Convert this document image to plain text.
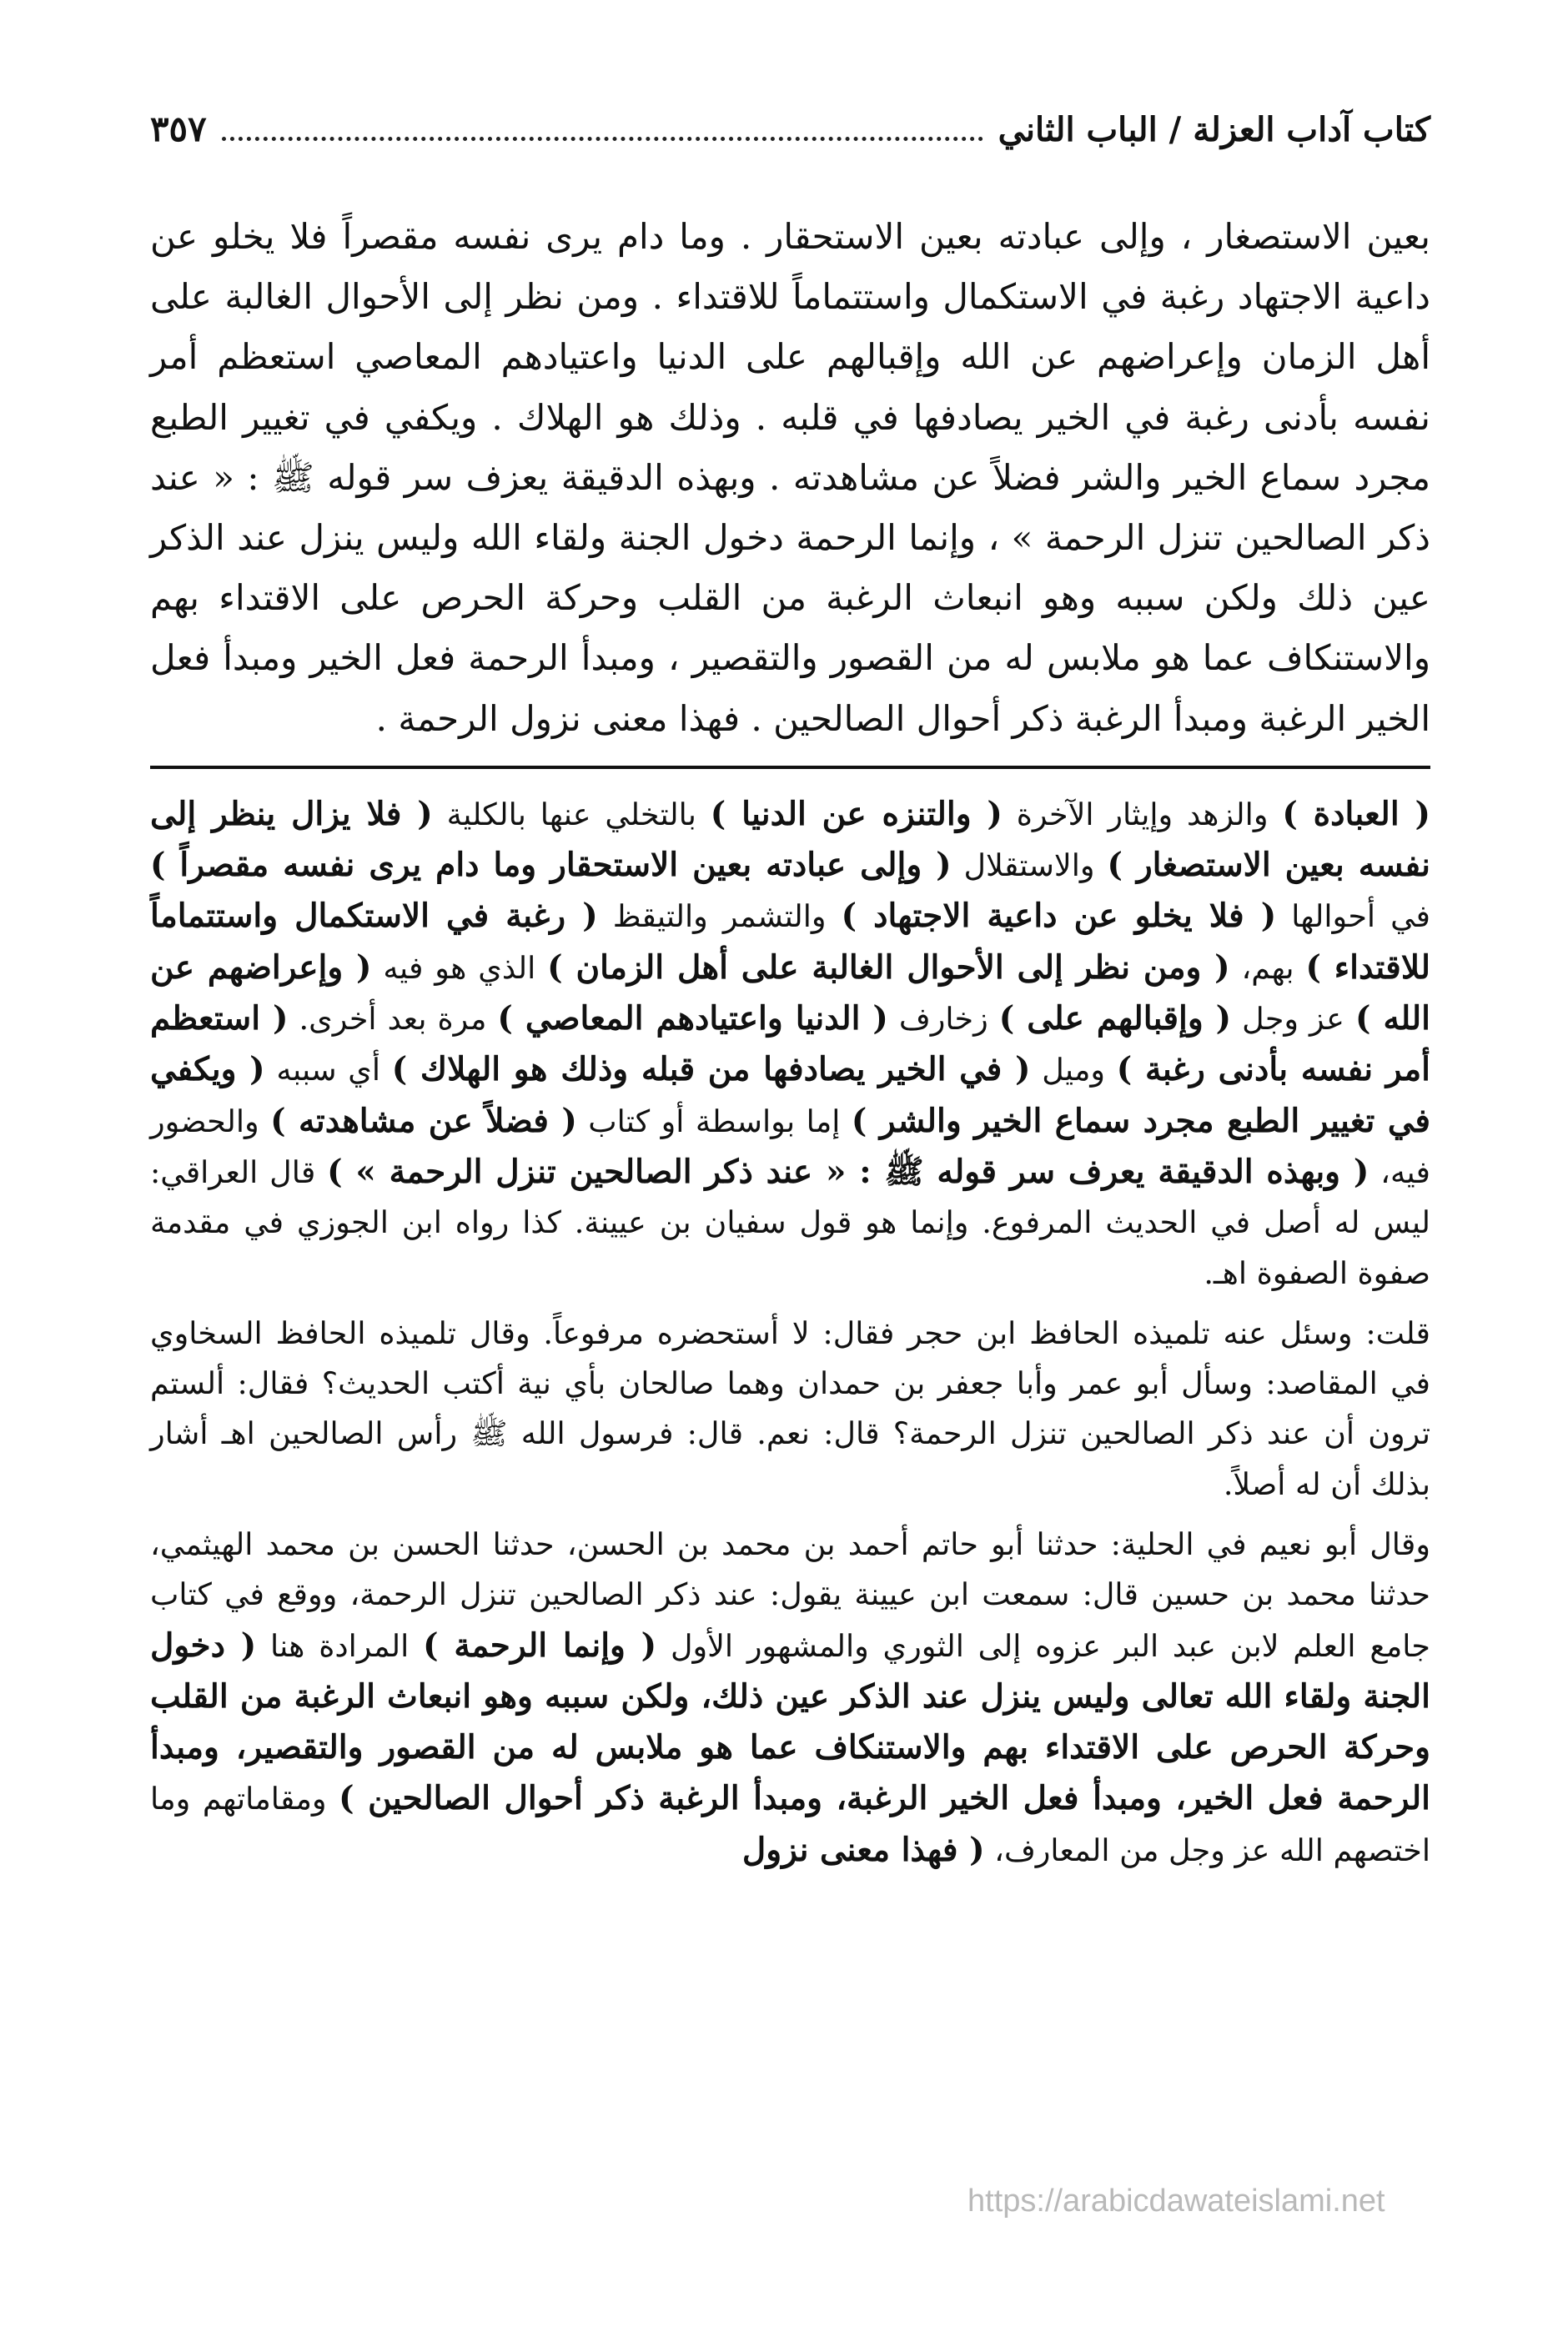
كتاب آداب العزلة / الباب الثاني
٣٥٧
بعين الاستصغار ، وإلى عبادته بعين الاستحقار . وما دام يرى نفسه مقصراً فلا يخلو عن داعية الاجتهاد رغبة في الاستكمال واستتماماً للاقتداء . ومن نظر إلى الأحوال الغالبة على أهل الزمان وإعراضهم عن الله وإقبالهم على الدنيا واعتيادهم المعاصي استعظم أمر نفسه بأدنى رغبة في الخير يصادفها في قلبه . وذلك هو الهلاك . ويكفي في تغيير الطبع مجرد سماع الخير والشر فضلاً عن مشاهدته . وبهذه الدقيقة يعزف سر قوله ﷺ : « عند ذكر الصالحين تنزل الرحمة » ، وإنما الرحمة دخول الجنة ولقاء الله وليس ينزل عند الذكر عين ذلك ولكن سببه وهو انبعاث الرغبة من القلب وحركة الحرص على الاقتداء بهم والاستنكاف عما هو ملابس له من القصور والتقصير ، ومبدأ الرحمة فعل الخير ومبدأ فعل الخير الرغبة ومبدأ الرغبة ذكر أحوال الصالحين . فهذا معنى نزول الرحمة .

( العبادة ) والزهد وإيثار الآخرة ( والتنزه عن الدنيا ) بالتخلي عنها بالكلية ( فلا يزال ينظر إلى نفسه بعين الاستصغار ) والاستقلال ( وإلى عبادته بعين الاستحقار وما دام يرى نفسه مقصراً ) في أحوالها ( فلا يخلو عن داعية الاجتهاد ) والتشمر والتيقظ ( رغبة في الاستكمال واستتماماً للاقتداء ) بهم، ( ومن نظر إلى الأحوال الغالبة على أهل الزمان ) الذي هو فيه ( وإعراضهم عن الله ) عز وجل ( وإقبالهم على ) زخارف ( الدنيا واعتيادهم المعاصي ) مرة بعد أخرى. ( استعظم أمر نفسه بأدنى رغبة ) وميل ( في الخير يصادفها من قبله وذلك هو الهلاك ) أي سببه ( ويكفي في تغيير الطبع مجرد سماع الخير والشر ) إما بواسطة أو كتاب ( فضلاً عن مشاهدته ) والحضور فيه، ( وبهذه الدقيقة يعرف سر قوله ﷺ : « عند ذكر الصالحين تنزل الرحمة » ) قال العراقي: ليس له أصل في الحديث المرفوع. وإنما هو قول سفيان بن عيينة. كذا رواه ابن الجوزي في مقدمة صفوة الصفوة اهـ.

قلت: وسئل عنه تلميذه الحافظ ابن حجر فقال: لا أستحضره مرفوعاً. وقال تلميذه الحافظ السخاوي في المقاصد: وسأل أبو عمر وأبا جعفر بن حمدان وهما صالحان بأي نية أكتب الحديث؟ فقال: ألستم ترون أن عند ذكر الصالحين تنزل الرحمة؟ قال: نعم. قال: فرسول الله ﷺ رأس الصالحين اهـ أشار بذلك أن له أصلاً.

وقال أبو نعيم في الحلية: حدثنا أبو حاتم أحمد بن محمد بن الحسن، حدثنا الحسن بن محمد الهيثمي، حدثنا محمد بن حسين قال: سمعت ابن عيينة يقول: عند ذكر الصالحين تنزل الرحمة، ووقع في كتاب جامع العلم لابن عبد البر عزوه إلى الثوري والمشهور الأول ( وإنما الرحمة ) المرادة هنا ( دخول الجنة ولقاء الله تعالى وليس ينزل عند الذكر عين ذلك، ولكن سببه وهو انبعاث الرغبة من القلب وحركة الحرص على الاقتداء بهم والاستنكاف عما هو ملابس له من القصور والتقصير، ومبدأ الرحمة فعل الخير، ومبدأ فعل الخير الرغبة، ومبدأ الرغبة ذكر أحوال الصالحين ) ومقاماتهم وما اختصهم الله عز وجل من المعارف، ( فهذا معنى نزول

https://arabicdawateislami.net
